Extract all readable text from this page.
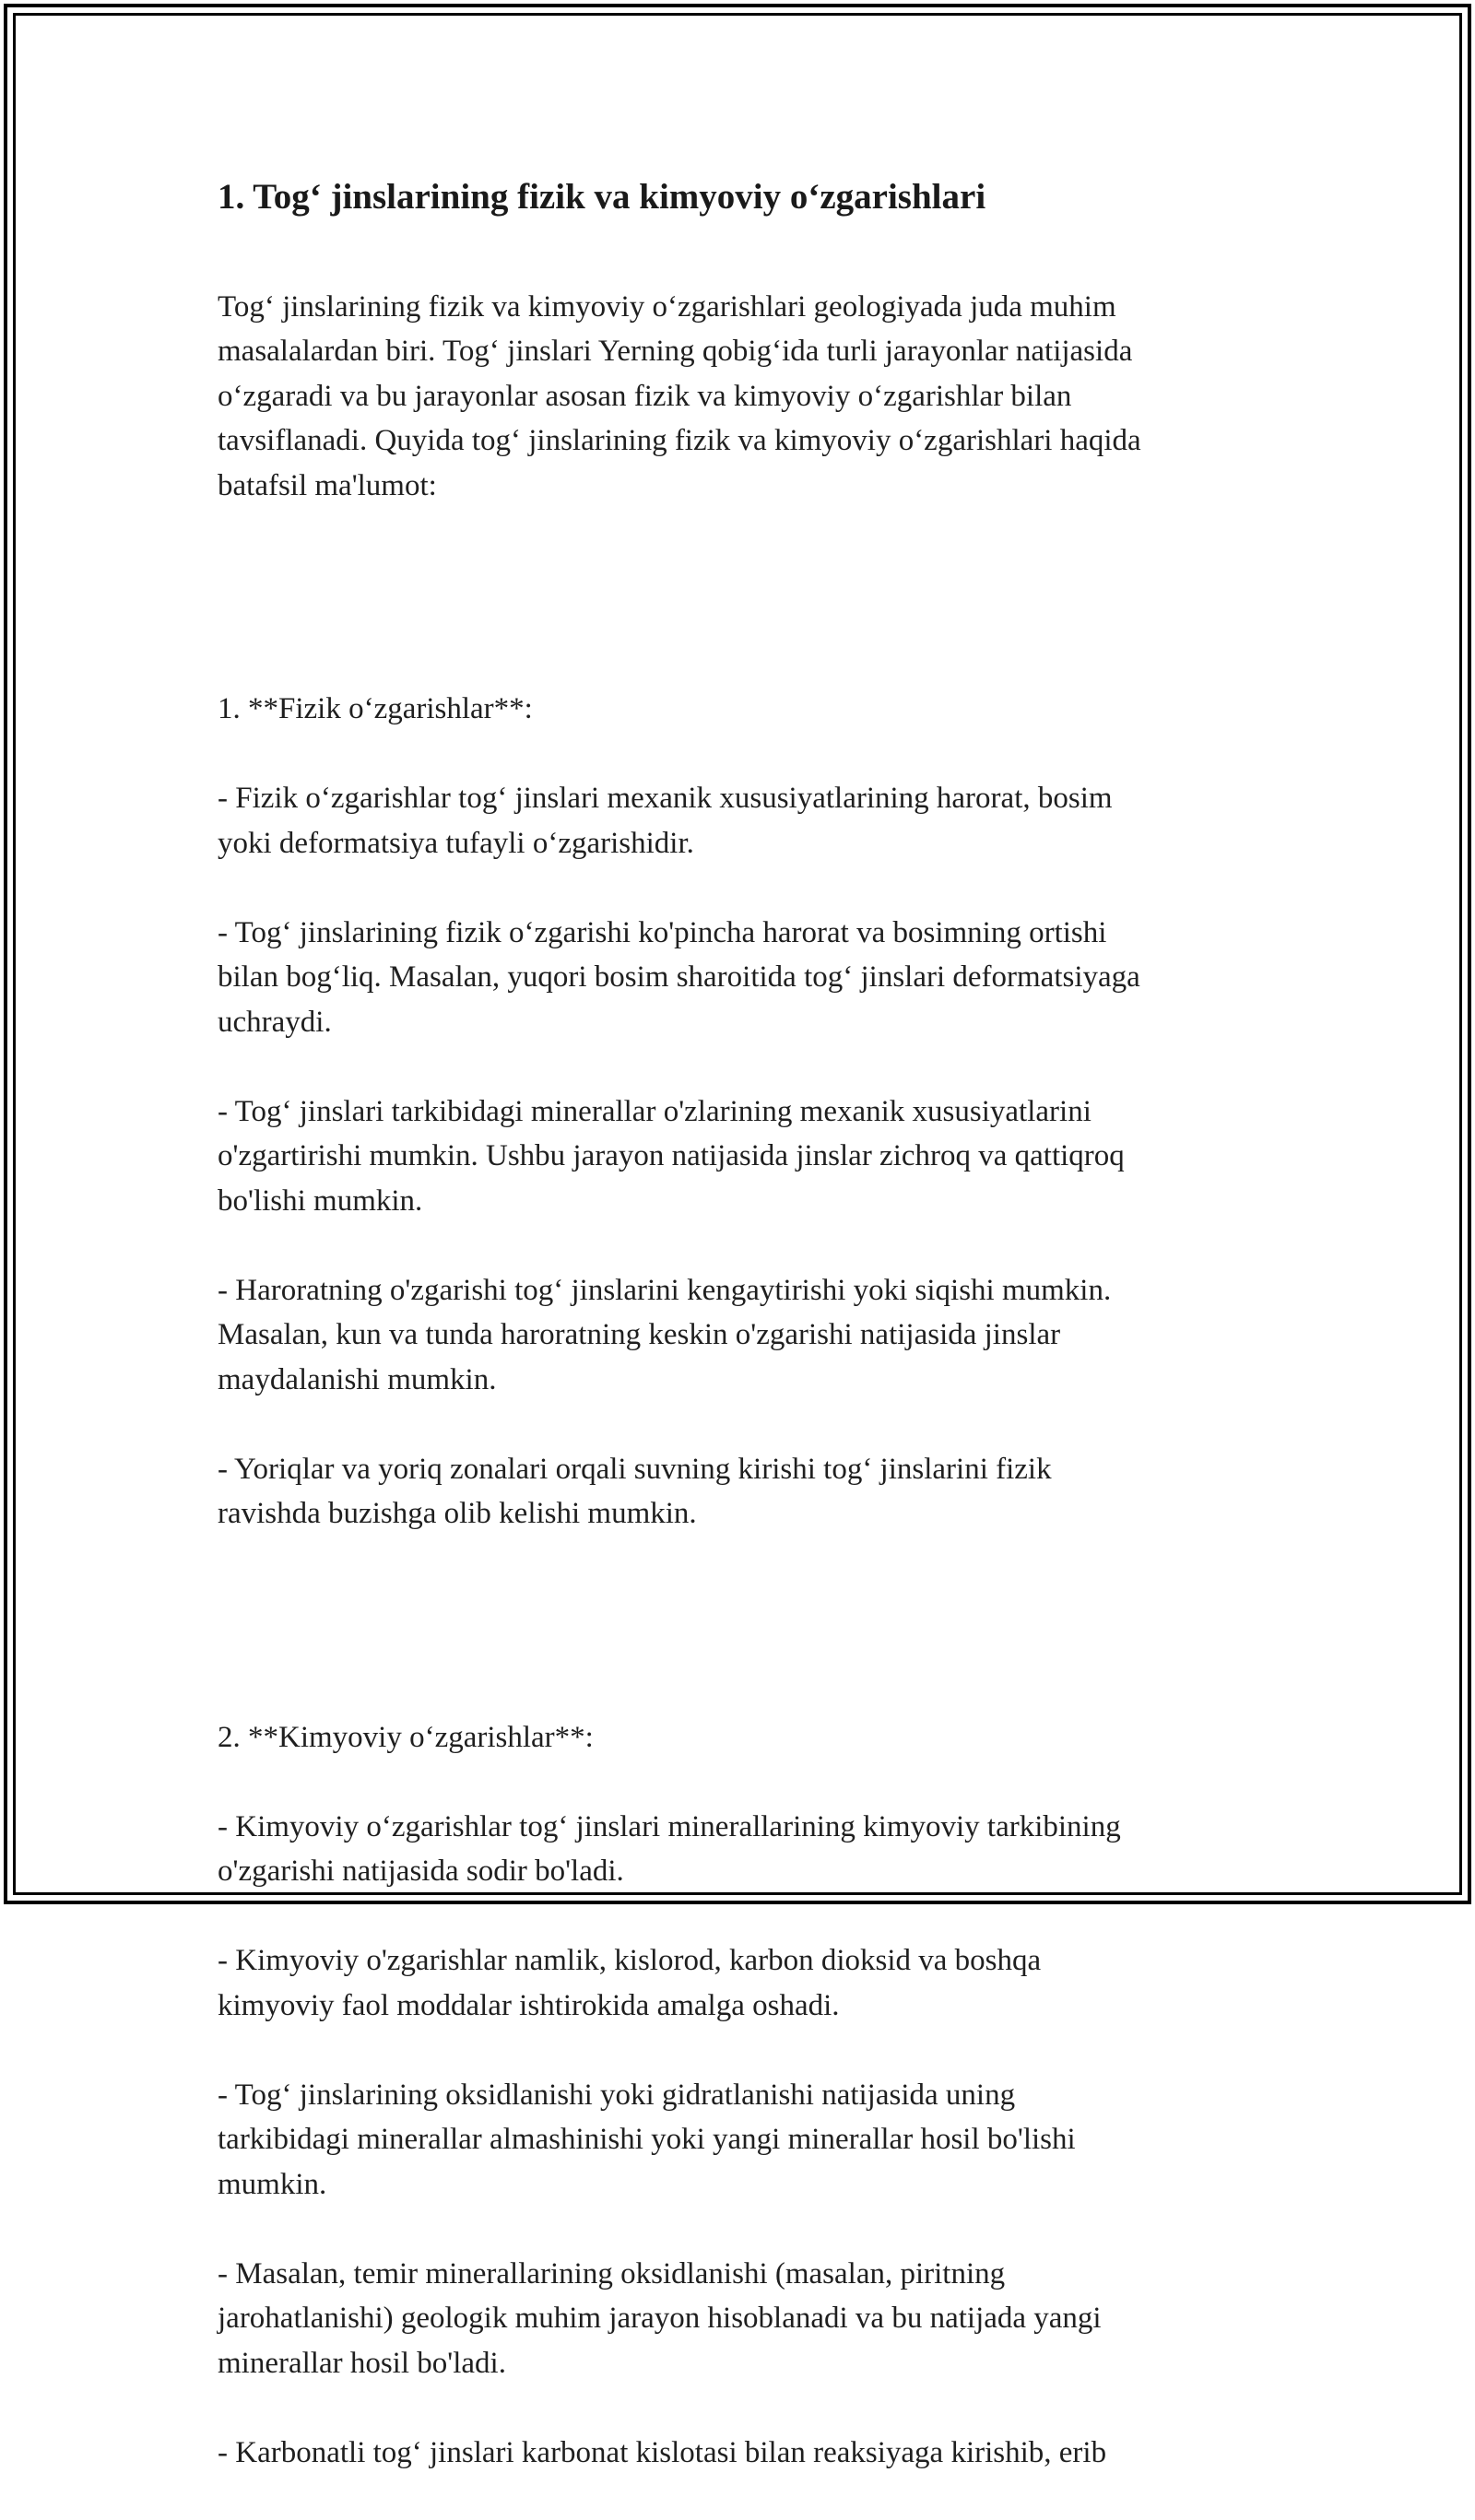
1. Tog‘ jinslarining fizik va kimyoviy o‘zgarishlari

Tog‘ jinslarining fizik va kimyoviy o‘zgarishlari geologiyada juda muhim
masalalardan biri. Tog‘ jinslari Yerning qobig‘ida turli jarayonlar natijasida
o‘zgaradi va bu jarayonlar asosan fizik va kimyoviy o‘zgarishlar bilan
tavsiflanadi. Quyida tog‘ jinslarining fizik va kimyoviy o‘zgarishlari haqida
batafsil ma'lumot:

1. **Fizik o‘zgarishlar**:

- Fizik o‘zgarishlar tog‘ jinslari mexanik xususiyatlarining harorat, bosim
yoki deformatsiya tufayli o‘zgarishidir.

- Tog‘ jinslarining fizik o‘zgarishi ko'pincha harorat va bosimning ortishi
bilan bog‘liq. Masalan, yuqori bosim sharoitida tog‘ jinslari deformatsiyaga
uchraydi.

- Tog‘ jinslari tarkibidagi minerallar o'zlarining mexanik xususiyatlarini
o'zgartirishi mumkin. Ushbu jarayon natijasida jinslar zichroq va qattiqroq
bo'lishi mumkin.

- Haroratning o'zgarishi tog‘ jinslarini kengaytirishi yoki siqishi mumkin.
Masalan, kun va tunda haroratning keskin o'zgarishi natijasida jinslar
maydalanishi mumkin.

- Yoriqlar va yoriq zonalari orqali suvning kirishi tog‘ jinslarini fizik
ravishda buzishga olib kelishi mumkin.

2. **Kimyoviy o‘zgarishlar**:

- Kimyoviy o‘zgarishlar tog‘ jinslari minerallarining kimyoviy tarkibining
o'zgarishi natijasida sodir bo'ladi.

- Kimyoviy o'zgarishlar namlik, kislorod, karbon dioksid va boshqa
kimyoviy faol moddalar ishtirokida amalga oshadi.

- Tog‘ jinslarining oksidlanishi yoki gidratlanishi natijasida uning
tarkibidagi minerallar almashinishi yoki yangi minerallar hosil bo'lishi
mumkin.

- Masalan, temir minerallarining oksidlanishi (masalan, piritning
jarohatlanishi) geologik muhim jarayon hisoblanadi va bu natijada yangi
minerallar hosil bo'ladi.

- Karbonatli tog‘ jinslari karbonat kislotasi bilan reaksiyaga kirishib, erib
